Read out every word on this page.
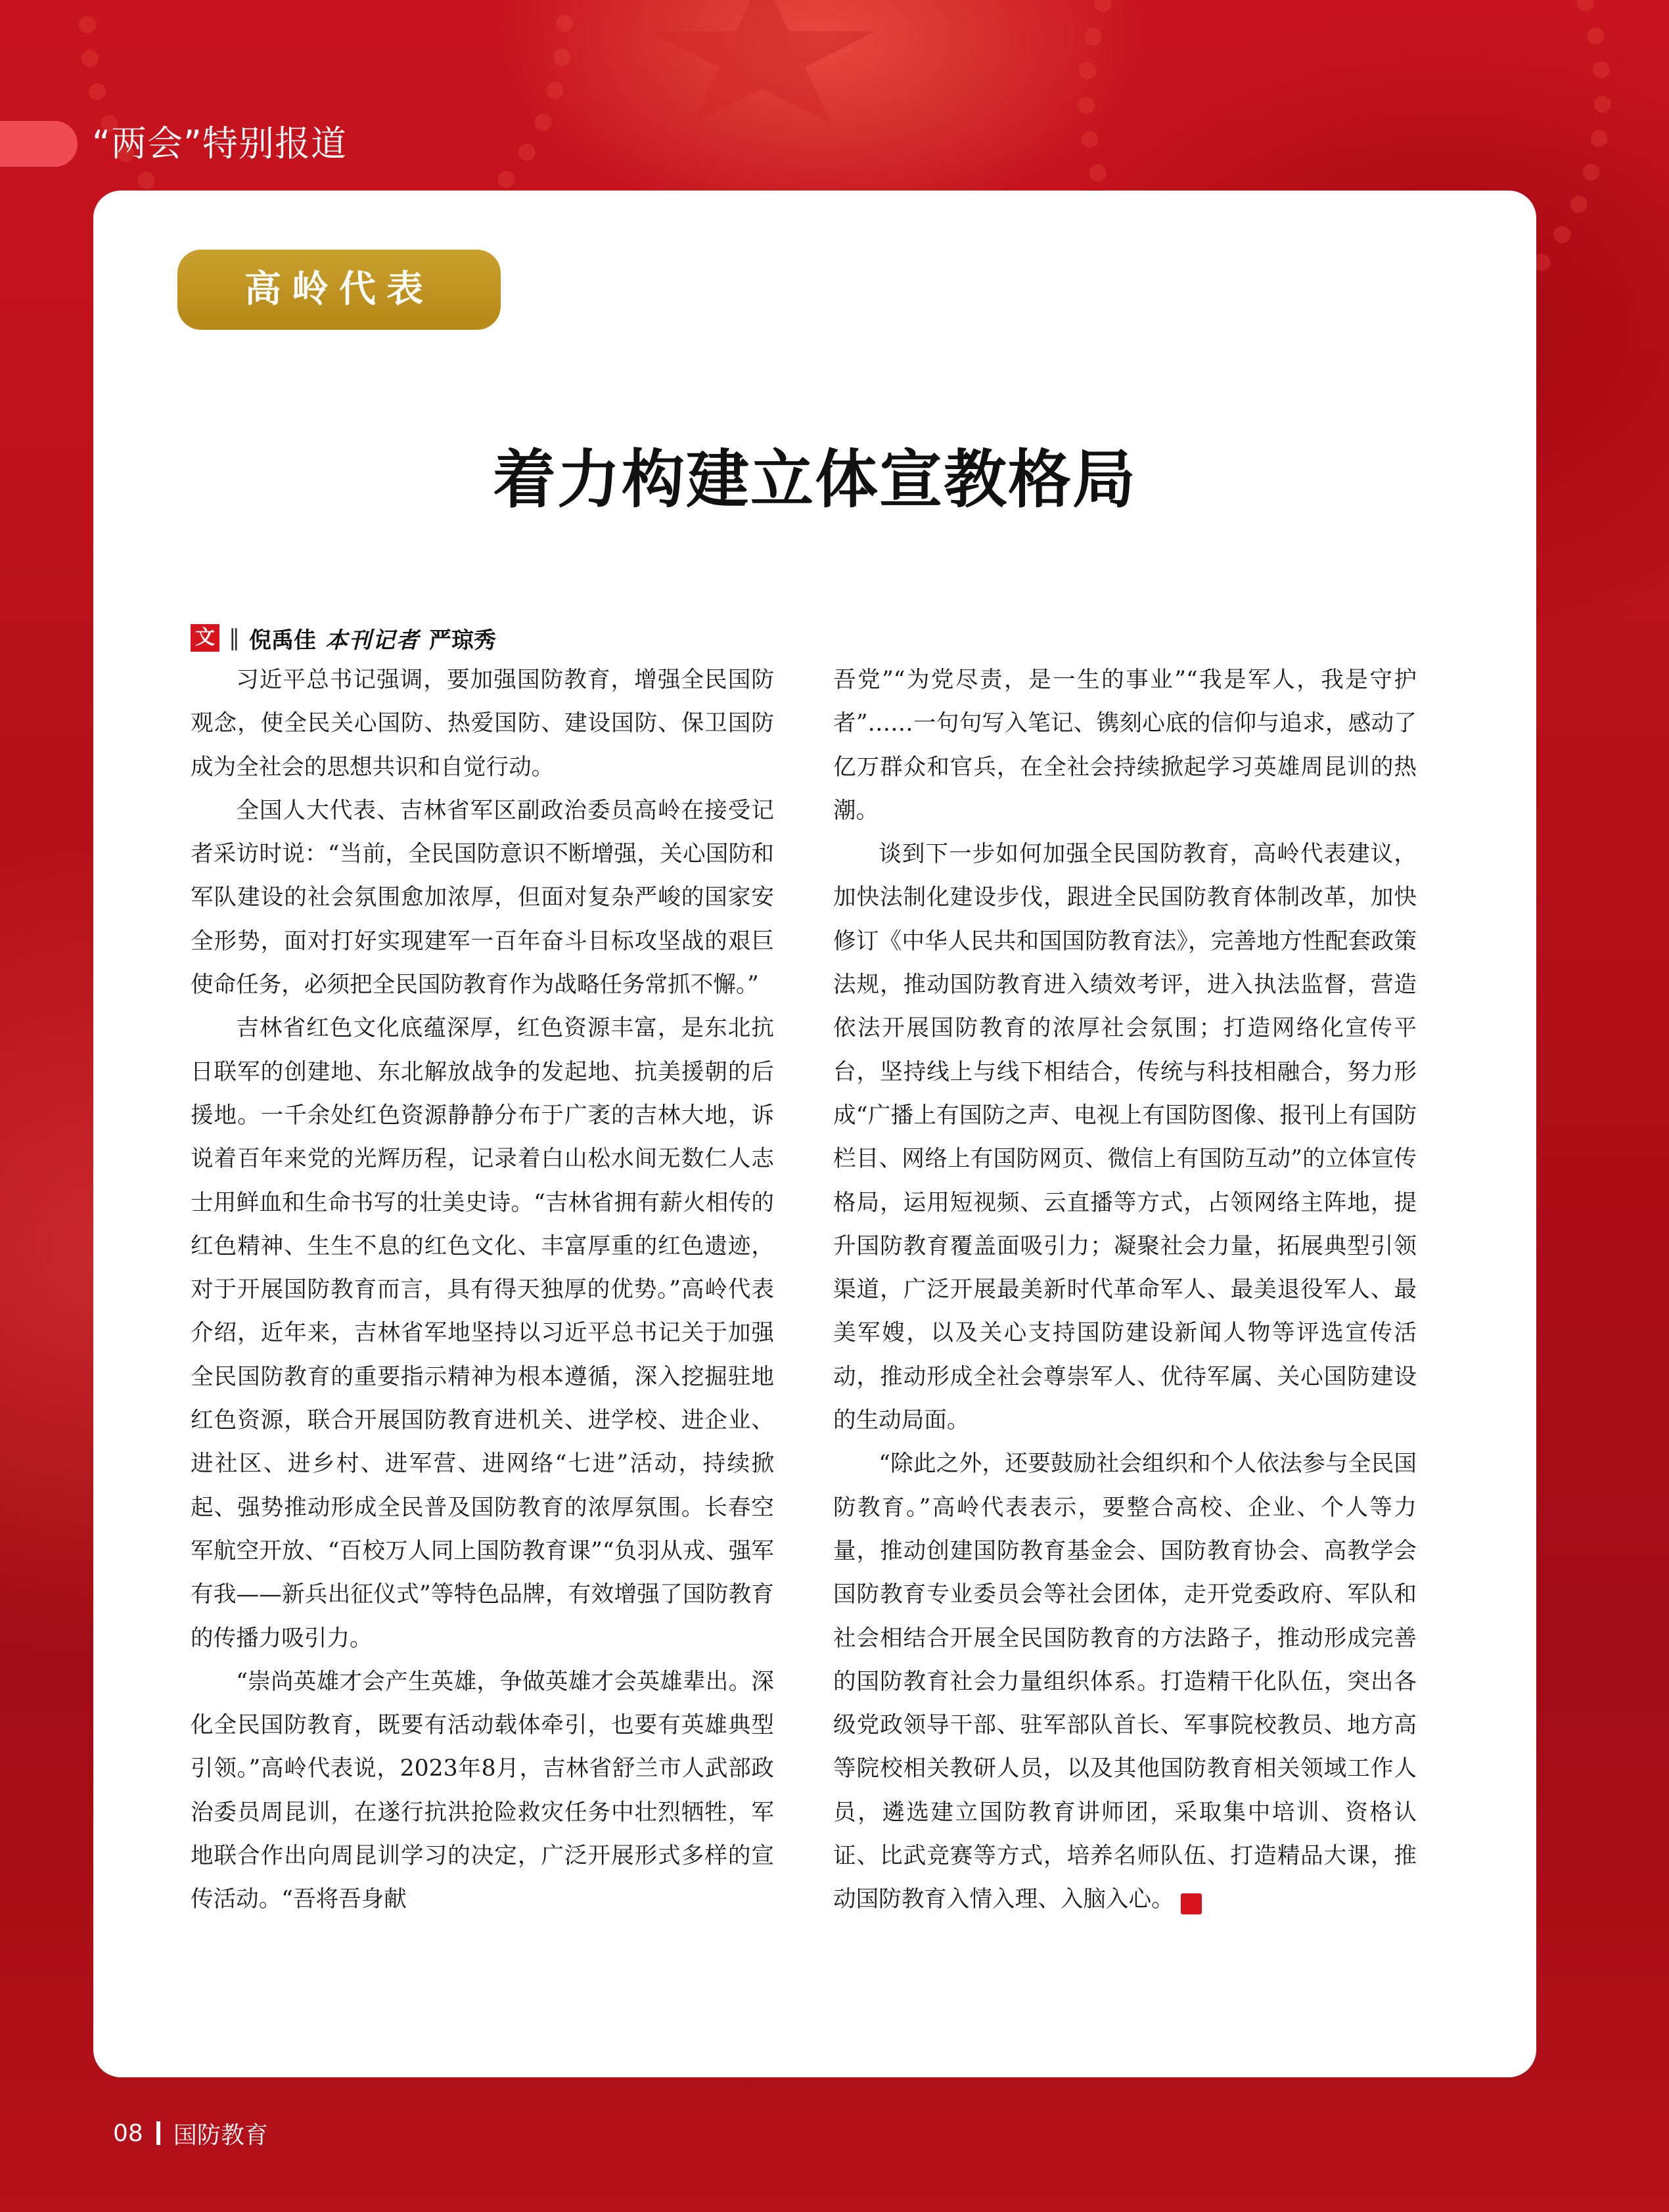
“两会”特别报道
高岭代表
着力构建立体宣教格局
文 ‖ 倪禹佳 本刊记者 严琼秀

习近平总书记强调，要加强国防教育，增强全民国防观念，使全民关心国防、热爱国防、建设国防、保卫国防成为全社会的思想共识和自觉行动。

全国人大代表、吉林省军区副政治委员高岭在接受记者采访时说：“当前，全民国防意识不断增强，关心国防和军队建设的社会氛围愈加浓厚，但面对复杂严峻的国家安全形势，面对打好实现建军一百年奋斗目标攻坚战的艰巨使命任务，必须把全民国防教育作为战略任务常抓不懈。”

吉林省红色文化底蕴深厚，红色资源丰富，是东北抗日联军的创建地、东北解放战争的发起地、抗美援朝的后援地。一千余处红色资源静静分布于广袤的吉林大地，诉说着百年来党的光辉历程，记录着白山松水间无数仁人志士用鲜血和生命书写的壮美史诗。“吉林省拥有薪火相传的红色精神、生生不息的红色文化、丰富厚重的红色遗迹，对于开展国防教育而言，具有得天独厚的优势。”高岭代表介绍，近年来，吉林省军地坚持以习近平总书记关于加强全民国防教育的重要指示精神为根本遵循，深入挖掘驻地红色资源，联合开展国防教育进机关、进学校、进企业、进社区、进乡村、进军营、进网络“七进”活动，持续掀起、强势推动形成全民普及国防教育的浓厚氛围。长春空军航空开放、“百校万人同上国防教育课”“负羽从戎、强军有我——新兵出征仪式”等特色品牌，有效增强了国防教育的传播力吸引力。

“崇尚英雄才会产生英雄，争做英雄才会英雄辈出。深化全民国防教育，既要有活动载体牵引，也要有英雄典型引领。”高岭代表说，2023年8月，吉林省舒兰市人武部政治委员周昆训，在遂行抗洪抢险救灾任务中壮烈牺牲，军地联合作出向周昆训学习的决定，广泛开展形式多样的宣传活动。“吾将吾身献

吾党”“为党尽责，是一生的事业”“我是军人，我是守护者”……一句句写入笔记、镌刻心底的信仰与追求，感动了亿万群众和官兵，在全社会持续掀起学习英雄周昆训的热潮。

谈到下一步如何加强全民国防教育，高岭代表建议，加快法制化建设步伐，跟进全民国防教育体制改革，加快修订《中华人民共和国国防教育法》，完善地方性配套政策法规，推动国防教育进入绩效考评，进入执法监督，营造依法开展国防教育的浓厚社会氛围；打造网络化宣传平台，坚持线上与线下相结合，传统与科技相融合，努力形成“广播上有国防之声、电视上有国防图像、报刊上有国防栏目、网络上有国防网页、微信上有国防互动”的立体宣传格局，运用短视频、云直播等方式，占领网络主阵地，提升国防教育覆盖面吸引力；凝聚社会力量，拓展典型引领渠道，广泛开展最美新时代革命军人、最美退役军人、最美军嫂，以及关心支持国防建设新闻人物等评选宣传活动，推动形成全社会尊崇军人、优待军属、关心国防建设的生动局面。

“除此之外，还要鼓励社会组织和个人依法参与全民国防教育。”高岭代表表示，要整合高校、企业、个人等力量，推动创建国防教育基金会、国防教育协会、高教学会国防教育专业委员会等社会团体，走开党委政府、军队和社会相结合开展全民国防教育的方法路子，推动形成完善的国防教育社会力量组织体系。打造精干化队伍，突出各级党政领导干部、驻军部队首长、军事院校教员、地方高等院校相关教研人员，以及其他国防教育相关领域工作人员，遴选建立国防教育讲师团，采取集中培训、资格认证、比武竞赛等方式，培养名师队伍、打造精品大课，推动国防教育入情入理、入脑入心。	G

08 国防教育
